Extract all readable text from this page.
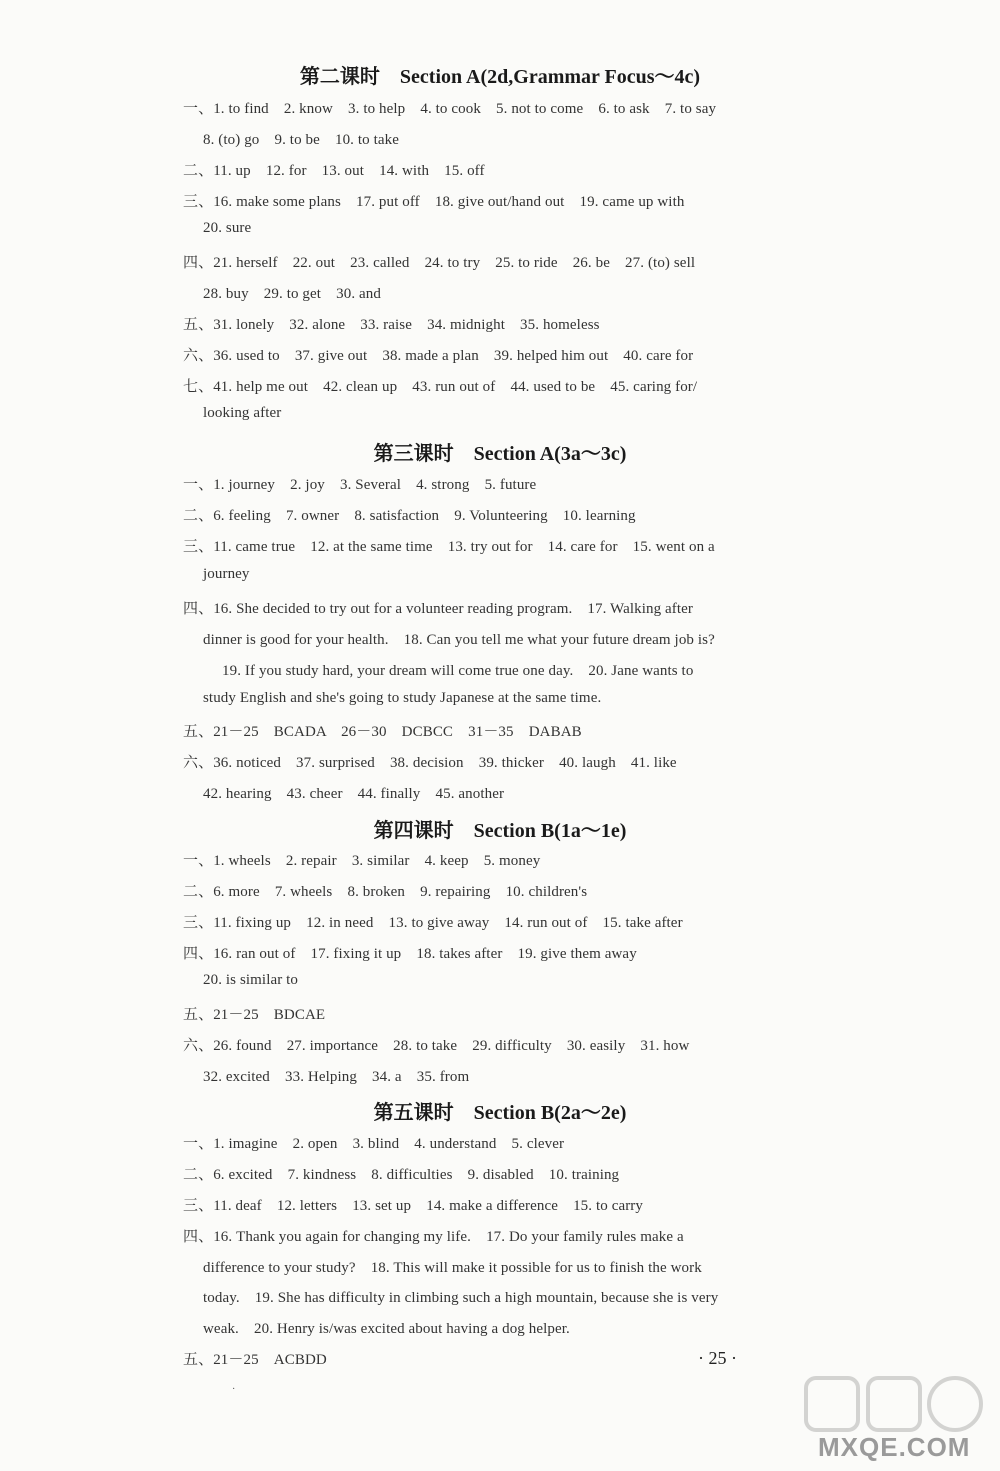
第二课时　Section A(2d,Grammar Focus～4c)
一、1. to find　2. know　3. to help　4. to cook　5. not to come　6. to ask　7. to say
8. (to) go　9. to be　10. to take
二、11. up　12. for　13. out　14. with　15. off
三、16. make some plans　17. put off　18. give out/hand out　19. came up with
20. sure
四、21. herself　22. out　23. called　24. to try　25. to ride　26. be　27. (to) sell
28. buy　29. to get　30. and
五、31. lonely　32. alone　33. raise　34. midnight　35. homeless
六、36. used to　37. give out　38. made a plan　39. helped him out　40. care for
七、41. help me out　42. clean up　43. run out of　44. used to be　45. caring for/
looking after
第三课时　Section A(3a～3c)
一、1. journey　2. joy　3. Several　4. strong　5. future
二、6. feeling　7. owner　8. satisfaction　9. Volunteering　10. learning
三、11. came true　12. at the same time　13. try out for　14. care for　15. went on a
journey
四、16. She decided to try out for a volunteer reading program.　17. Walking after
dinner is good for your health.　18. Can you tell me what your future dream job is?
19. If you study hard, your dream will come true one day.　20. Jane wants to
study English and she's going to study Japanese at the same time.
五、21－25　BCADA　26－30　DCBCC　31－35　DABAB
六、36. noticed　37. surprised　38. decision　39. thicker　40. laugh　41. like
42. hearing　43. cheer　44. finally　45. another
第四课时　Section B(1a～1e)
一、1. wheels　2. repair　3. similar　4. keep　5. money
二、6. more　7. wheels　8. broken　9. repairing　10. children's
三、11. fixing up　12. in need　13. to give away　14. run out of　15. take after
四、16. ran out of　17. fixing it up　18. takes after　19. give them away
20. is similar to
五、21－25　BDCAE
六、26. found　27. importance　28. to take　29. difficulty　30. easily　31. how
32. excited　33. Helping　34. a　35. from
第五课时　Section B(2a～2e)
一、1. imagine　2. open　3. blind　4. understand　5. clever
二、6. excited　7. kindness　8. difficulties　9. disabled　10. training
三、11. deaf　12. letters　13. set up　14. make a difference　15. to carry
四、16. Thank you again for changing my life.　17. Do your family rules make a
difference to your study?　18. This will make it possible for us to finish the work
today.　19. She has difficulty in climbing such a high mountain, because she is very
weak.　20. Henry is/was excited about having a dog helper.
五、21－25　ACBDD
·
· 25 ·
MXQE.COM
